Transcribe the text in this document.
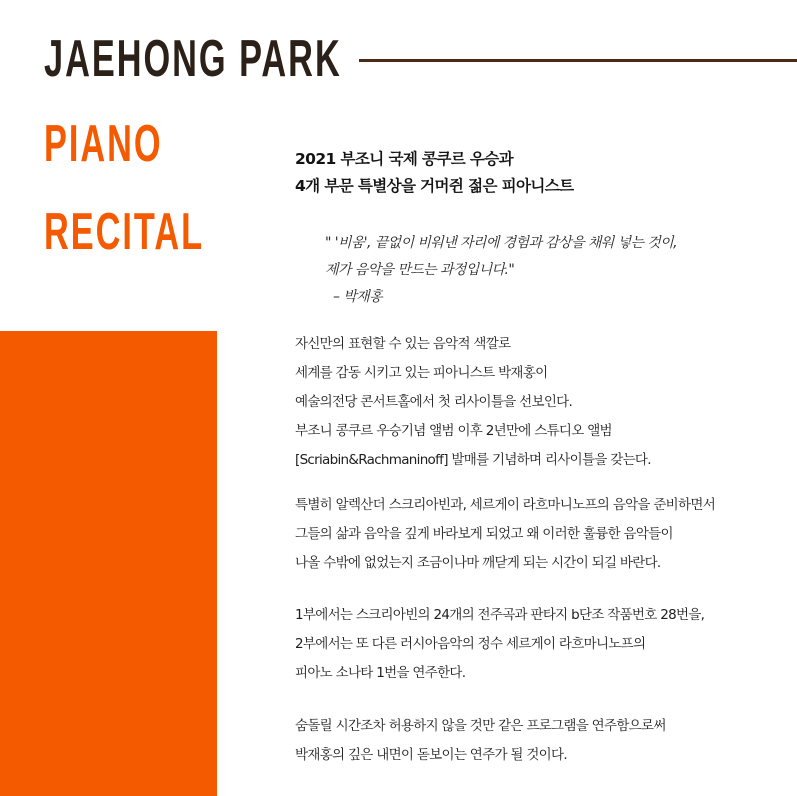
JAEHONG PARK
PIANO
RECITAL
2021 부조니 국제 콩쿠르 우승과
4개 부문 특별상을 거머쥔 젊은 피아니스트
" '비움', 끝없이 비워낸 자리에 경험과 감상을 채워 넣는 것이,
제가 음악을 만드는 과정입니다."
– 박재홍
자신만의 표현할 수 있는 음악적 색깔로
세계를 감동 시키고 있는 피아니스트 박재홍이
예술의전당 콘서트홀에서 첫 리사이틀을 선보인다.
부조니 콩쿠르 우승기념 앨범 이후 2년만에 스튜디오 앨범
[Scriabin&Rachmaninoff] 발매를 기념하며 리사이틀을 갖는다.
특별히 알렉산더 스크리아빈과, 세르게이 라흐마니노프의 음악을 준비하면서
그들의 삶과 음악을 깊게 바라보게 되었고 왜 이러한 훌륭한 음악들이
나올 수밖에 없었는지 조금이나마 깨닫게 되는 시간이 되길 바란다.
1부에서는 스크리아빈의 24개의 전주곡과 판타지 b단조 작품번호 28번을,
2부에서는 또 다른 러시아음악의 정수 세르게이 라흐마니노프의
피아노 소나타 1번을 연주한다.
숨돌릴 시간조차 허용하지 않을 것만 같은 프로그램을 연주함으로써
박재홍의 깊은 내면이 돋보이는 연주가 될 것이다.
